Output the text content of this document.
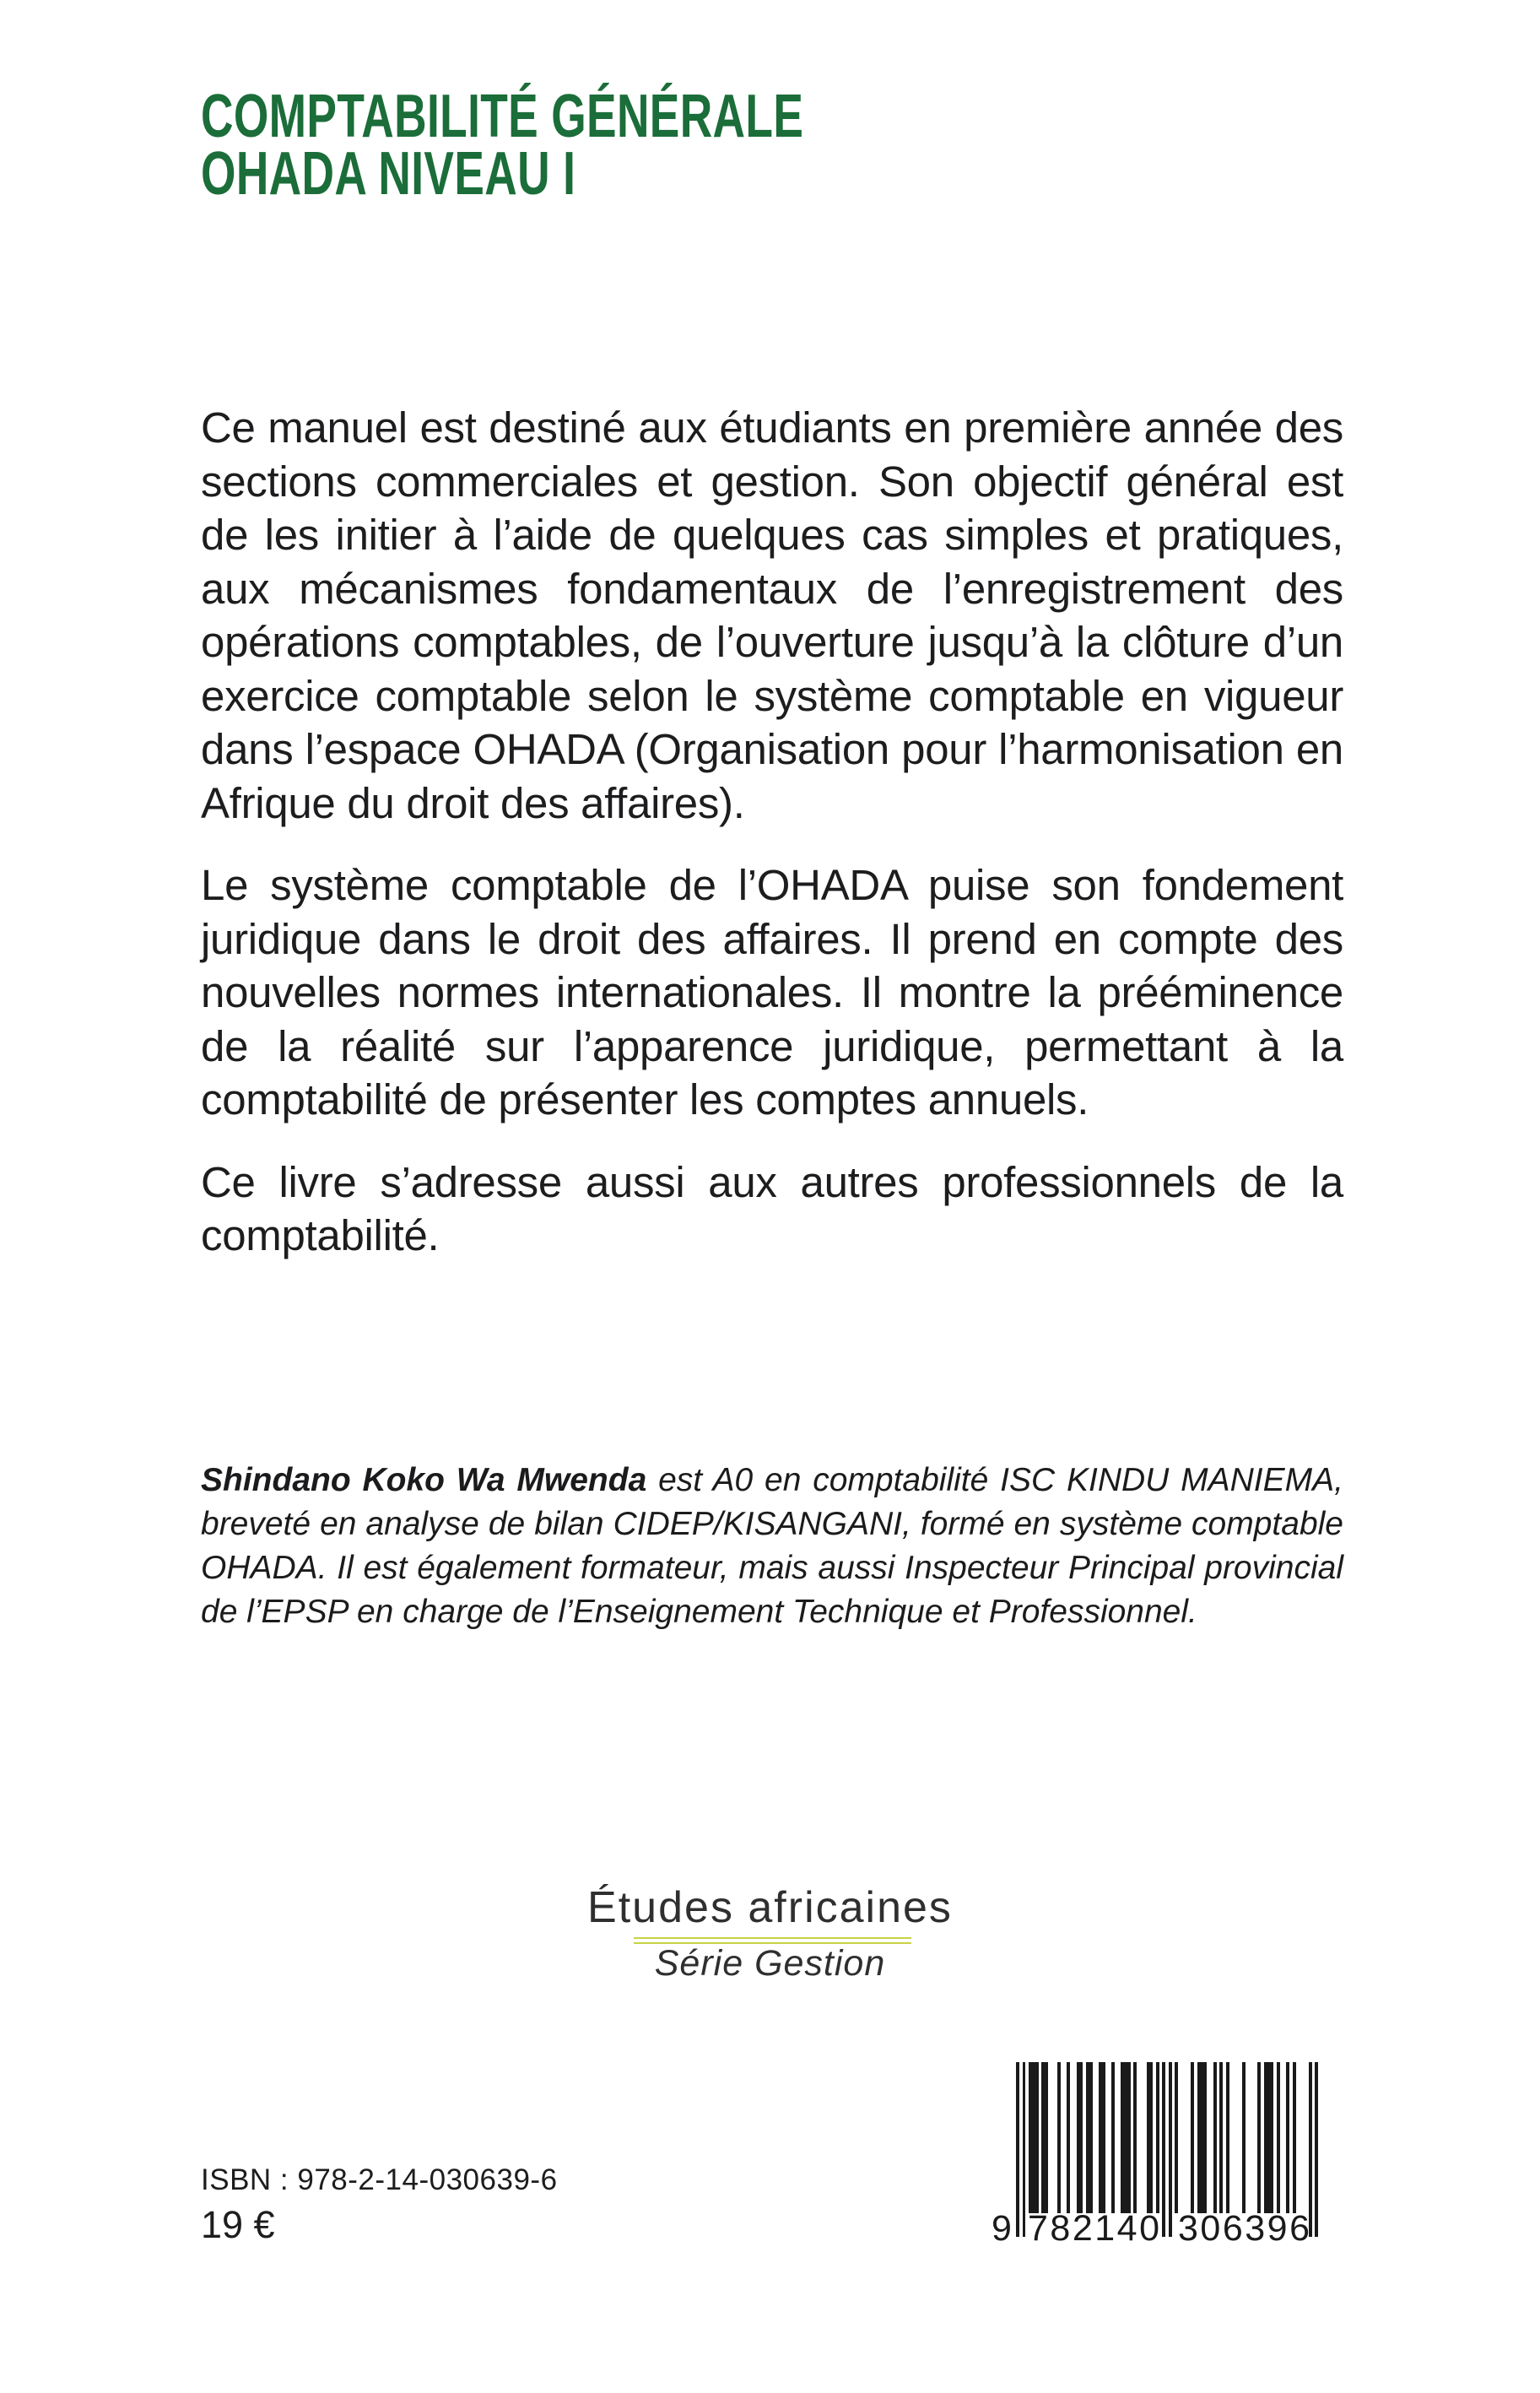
COMPTABILITÉ GÉNÉRALE
OHADA NIVEAU I

Ce manuel est destiné aux étudiants en première année des sections commerciales et gestion. Son objectif général est de les initier à l’aide de quelques cas simples et pratiques, aux mécanismes fondamentaux de l’enregistrement des opérations comptables, de l’ouverture jusqu’à la clôture d’un exercice comptable selon le système comptable en vigueur dans l’espace OHADA (Organisation pour l’harmonisation en Afrique du droit des affaires).

Le système comptable de l’OHADA puise son fondement juridique dans le droit des affaires. Il prend en compte des nouvelles normes internationales. Il montre la prééminence de la réalité sur l’apparence juridique, permettant à la comptabilité de présenter les comptes annuels.

Ce livre s’adresse aussi aux autres professionnels de la comptabilité.

Shindano Koko Wa Mwenda est A0 en comptabilité ISC KINDU MANIEMA, breveté en analyse de bilan CIDEP/KISANGANI, formé en système comptable OHADA. Il est également formateur, mais aussi Inspecteur Principal provincial de l’EPSP en charge de l’Enseignement Technique et Professionnel.
Études africaines
Série Gestion
9 782140 306396
ISBN : 978-2-14-030639-6
19 €
